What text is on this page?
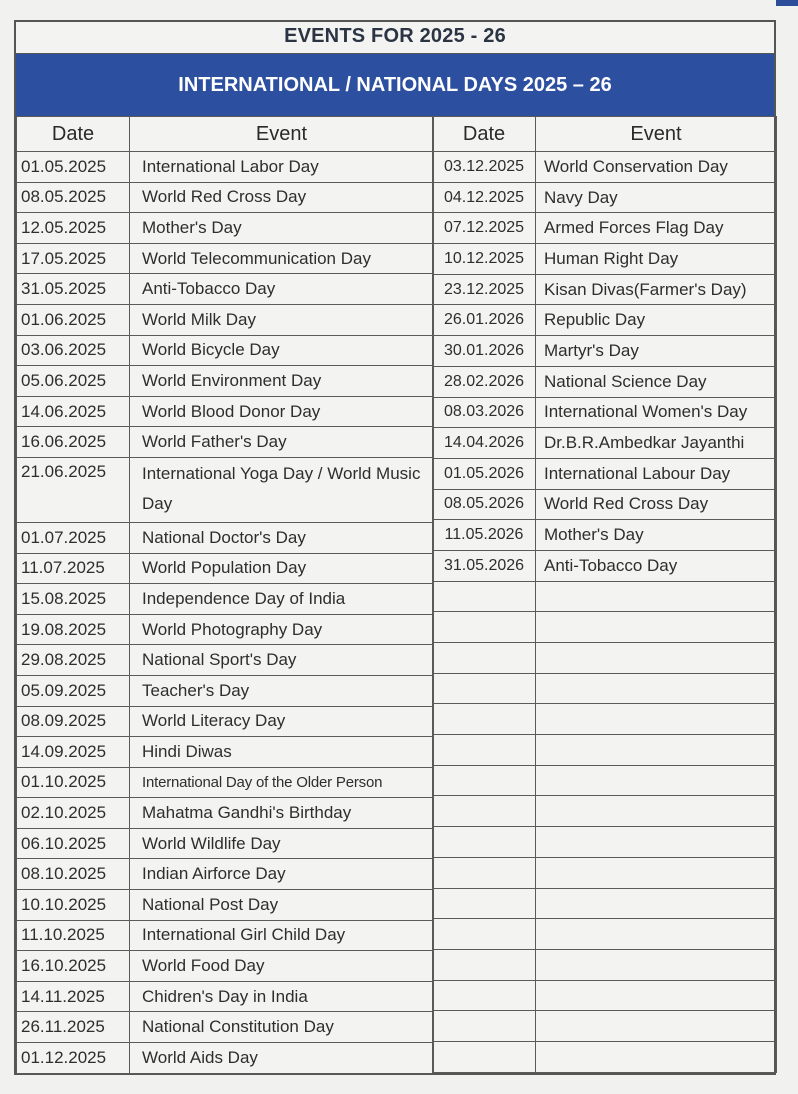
EVENTS FOR 2025 - 26
INTERNATIONAL / NATIONAL DAYS 2025 – 26
Date	Event
01.05.2025	International Labor Day
08.05.2025	World Red Cross Day
12.05.2025	Mother's Day
17.05.2025	World Telecommunication Day
31.05.2025	Anti-Tobacco Day
01.06.2025	World Milk Day
03.06.2025	World Bicycle Day
05.06.2025	World Environment Day
14.06.2025	World Blood Donor Day
16.06.2025	World Father's Day
21.06.2025	International Yoga Day / World Music Day
01.07.2025	National Doctor's Day
11.07.2025	World Population Day
15.08.2025	Independence Day of India
19.08.2025	World Photography Day
29.08.2025	National Sport's Day
05.09.2025	Teacher's Day
08.09.2025	World Literacy Day
14.09.2025	Hindi Diwas
01.10.2025	International Day of the Older Person
02.10.2025	Mahatma Gandhi's Birthday
06.10.2025	World Wildlife Day
08.10.2025	Indian Airforce Day
10.10.2025	National Post Day
11.10.2025	International Girl Child Day
16.10.2025	World Food Day
14.11.2025	Chidren's Day in India
26.11.2025	National Constitution Day
01.12.2025	World Aids Day
Date	Event
03.12.2025	World Conservation Day
04.12.2025	Navy Day
07.12.2025	Armed Forces Flag Day
10.12.2025	Human Right Day
23.12.2025	Kisan Divas(Farmer's Day)
26.01.2026	Republic Day
30.01.2026	Martyr's Day
28.02.2026	National Science Day
08.03.2026	International Women's Day
14.04.2026	Dr.B.R.Ambedkar Jayanthi
01.05.2026	International Labour Day
08.05.2026	World Red Cross Day
11.05.2026	Mother's Day
31.05.2026	Anti-Tobacco Day
